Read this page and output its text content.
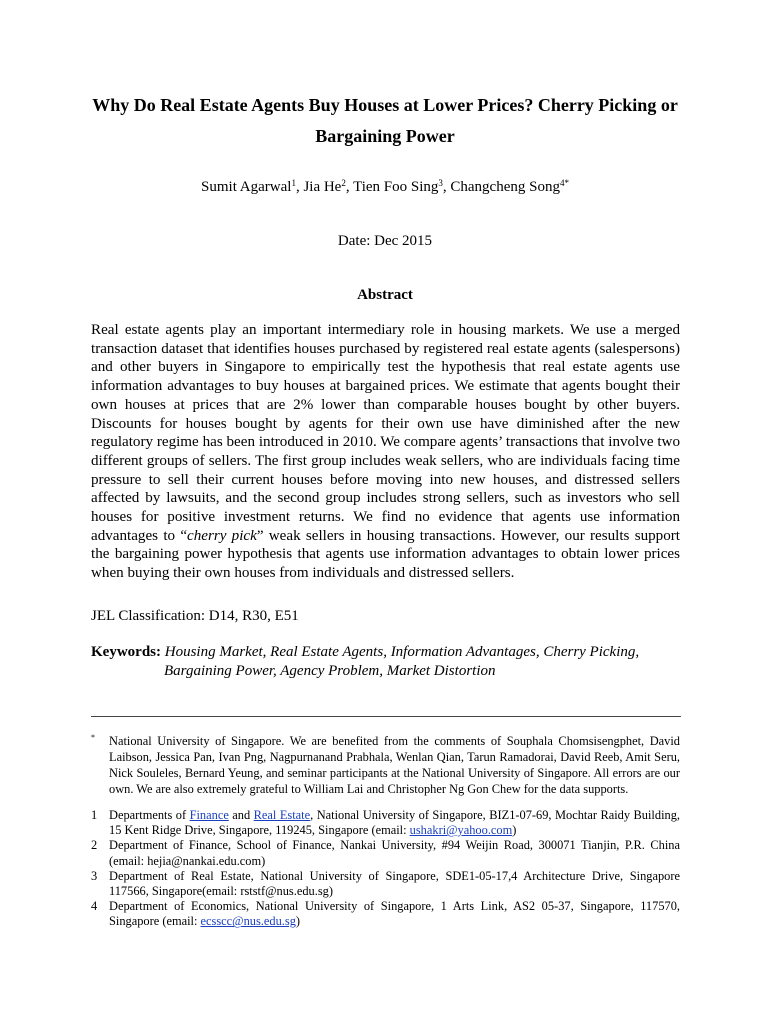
Why Do Real Estate Agents Buy Houses at Lower Prices? Cherry Picking or
Bargaining Power
Sumit Agarwal$^1$, Jia He$^2$, Tien Foo Sing$^3$, Changcheng Song$^{4*}$
Date: Dec 2015
Abstract
Real estate agents play an important intermediary role in housing markets. We use a merged transaction dataset that identifies houses purchased by registered real estate agents (salespersons) and other buyers in Singapore to empirically test the hypothesis that real estate agents use information advantages to buy houses at bargained prices. We estimate that agents bought their own houses at prices that are 2% lower than comparable houses bought by other buyers. Discounts for houses bought by agents for their own use have diminished after the new regulatory regime has been introduced in 2010. We compare agents’ transactions that involve two different groups of sellers. The first group includes weak sellers, who are individuals facing time pressure to sell their current houses before moving into new houses, and distressed sellers affected by lawsuits, and the second group includes strong sellers, such as investors who sell houses for positive investment returns. We find no evidence that agents use information advantages to “cherry pick” weak sellers in housing transactions. However, our results support the bargaining power hypothesis that agents use information advantages to obtain lower prices when buying their own houses from individuals and distressed sellers.
JEL Classification: D14, R30, E51
Keywords: Housing Market, Real Estate Agents, Information Advantages, Cherry Picking,
Bargaining Power, Agency Problem, Market Distortion
* National University of Singapore. We are benefited from the comments of Souphala Chomsisengphet, David Laibson, Jessica Pan, Ivan Png, Nagpurnanand Prabhala, Wenlan Qian, Tarun Ramadorai, David Reeb, Amit Seru, Nick Souleles, Bernard Yeung, and seminar participants at the National University of Singapore. All errors are our own. We are also extremely grateful to William Lai and Christopher Ng Gon Chew for the data supports.
1 Departments of Finance and Real Estate, National University of Singapore, BIZ1-07-69, Mochtar Raidy Building, 15 Kent Ridge Drive, Singapore, 119245, Singapore (email: ushakri@yahoo.com)
2 Department of Finance, School of Finance, Nankai University, #94 Weijin Road, 300071 Tianjin, P.R. China (email: hejia@nankai.edu.com)
3 Department of Real Estate, National University of Singapore, SDE1-05-17,4 Architecture Drive, Singapore 117566, Singapore(email: rststf@nus.edu.sg)
4 Department of Economics, National University of Singapore, 1 Arts Link, AS2 05-37, Singapore, 117570, Singapore (email: ecsscc@nus.edu.sg)
